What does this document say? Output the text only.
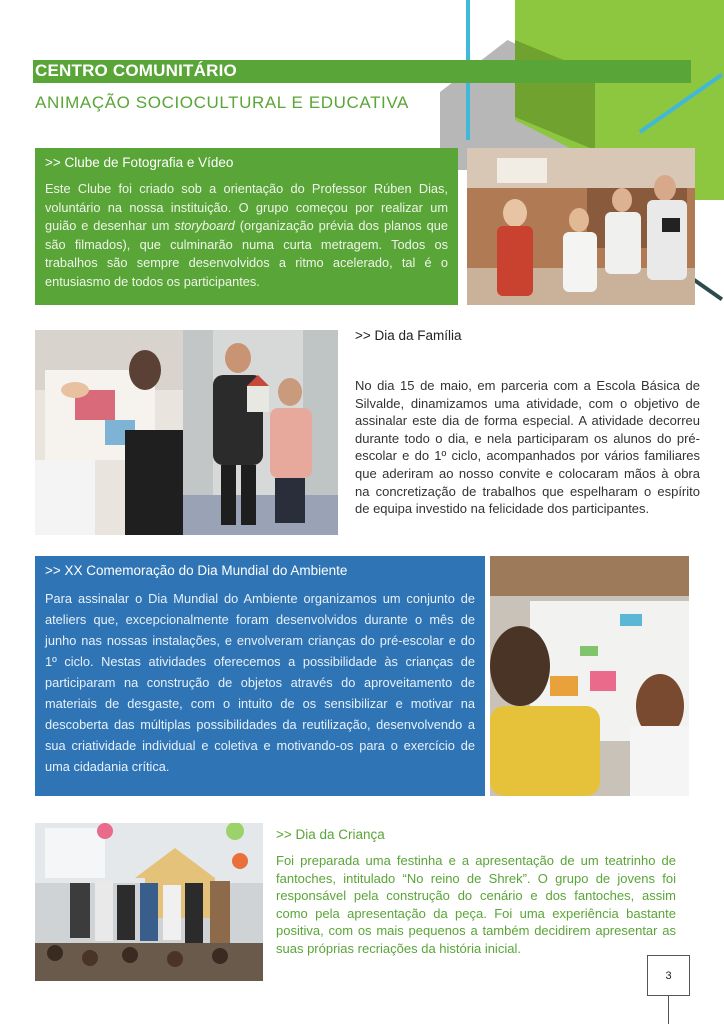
CENTRO COMUNITÁRIO
ANIMAÇÃO SOCIOCULTURAL E EDUCATIVA
>> Clube de Fotografia e Vídeo

Este Clube foi criado sob a orientação do Professor Rúben Dias, voluntário na nossa instituição. O grupo começou por realizar um guião e desenhar um storyboard (organização prévia dos planos que são filmados), que culminarão numa curta metragem. Todos os trabalhos são sempre desenvolvidos a ritmo acelerado, tal é o entusiasmo de todos os participantes.

>> Dia da Família
No dia 15 de maio, em parceria com a Escola Básica de Silvalde, dinamizamos uma atividade, com o objetivo de assinalar este dia de forma especial. A atividade decorreu durante todo o dia, e nela participaram os alunos do pré-escolar e do 1º ciclo, acompanhados por vários familiares que aderiram ao nosso convite e colocaram mãos à obra na concretização de trabalhos que espelharam o espírito de equipa investido na felicidade dos participantes.
>> XX Comemoração do Dia Mundial do Ambiente

Para assinalar o Dia Mundial do Ambiente organizamos um conjunto de ateliers que, excepcionalmente foram desenvolvidos durante o mês de junho nas nossas instalações, e envolveram crianças do pré-escolar e do 1º ciclo. Nestas atividades oferecemos a possibilidade às crianças de participaram na construção de objetos através do aproveitamento de materiais de desgaste, com o intuito de os sensibilizar e motivar na descoberta das múltiplas possibilidades da reutilização, desenvolvendo a sua criatividade individual e coletiva e motivando-os para o exercício de uma cidadania crítica.

>> Dia da Criança
Foi preparada uma festinha e a apresentação de um teatrinho de fantoches, intitulado “No reino de Shrek”. O grupo de jovens foi responsável pela construção do cenário e dos fantoches, assim como pela apresentação da peça. Foi uma experiência bastante positiva, com os mais pequenos a também decidirem apresentar as suas próprias recriações da história inicial.
3
